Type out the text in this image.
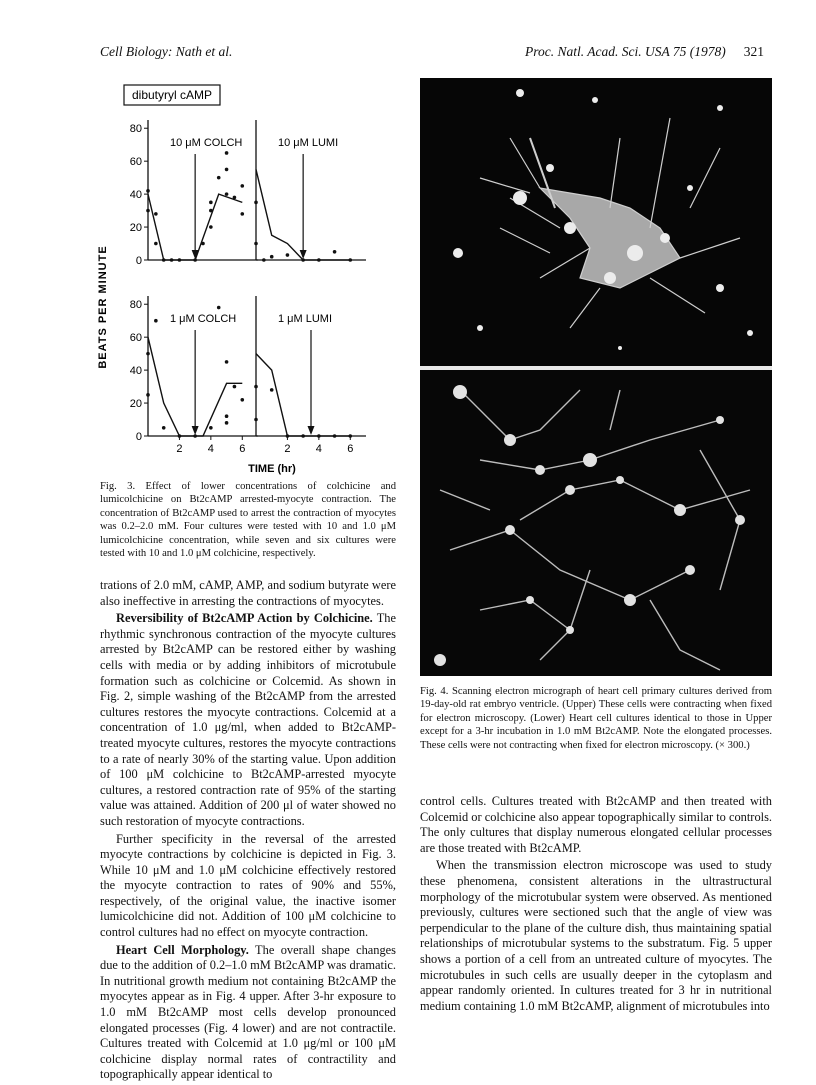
Cell Biology: Nath et al.	Proc. Natl. Acad. Sci. USA 75 (1978) 321
dibutyryl cAMP
BEATS PER MINUTE
TIME (hr)
80
60
40
20
0
10 μM COLCH	10 μM LUMI
80
60
40
20
0
2 4 6
1 μM COLCH
2 4 6
1 μM LUMI
Fig. 3. Effect of lower concentrations of colchicine and lumicolchicine on Bt2cAMP arrested-myocyte contraction. The concentration of Bt2cAMP used to arrest the contraction of myocytes was 0.2–2.0 mM. Four cultures were tested with 10 and 1.0 μM lumicolchicine concentration, while seven and six cultures were tested with 10 and 1.0 μM colchicine, respectively.

trations of 2.0 mM, cAMP, AMP, and sodium butyrate were also ineffective in arresting the contractions of myocytes.

Reversibility of Bt2cAMP Action by Colchicine. The rhythmic synchronous contraction of the myocyte cultures arrested by Bt2cAMP can be restored either by washing cells with media or by adding inhibitors of microtubule formation such as colchicine or Colcemid. As shown in Fig. 2, simple washing of the Bt2cAMP from the arrested cultures restores the myocyte contractions. Colcemid at a concentration of 1.0 μg/ml, when added to Bt2cAMP-treated myocyte cultures, restores the myocyte contractions to a rate of nearly 30% of the starting value. Upon addition of 100 μM colchicine to Bt2cAMP-arrested myocyte cultures, a restored contraction rate of 95% of the starting value was attained. Addition of 200 μl of water showed no such restoration of myocyte contractions.

Further specificity in the reversal of the arrested myocyte contractions by colchicine is depicted in Fig. 3. While 10 μM and 1.0 μM colchicine effectively restored the myocyte contraction to rates of 90% and 55%, respectively, of the original value, the inactive isomer lumicolchicine did not. Addition of 100 μM colchicine to control cultures had no effect on myocyte contraction.

Heart Cell Morphology. The overall shape changes due to the addition of 0.2–1.0 mM Bt2cAMP was dramatic. In nutritional growth medium not containing Bt2cAMP the myocytes appear as in Fig. 4 upper. After 3-hr exposure to 1.0 mM Bt2cAMP most cells develop pronounced elongated processes (Fig. 4 lower) and are not contractile. Cultures treated with Colcemid at 1.0 μg/ml or 100 μM colchicine display normal rates of contractility and topographically appear identical to

Fig. 4. Scanning electron micrograph of heart cell primary cultures derived from 19-day-old rat embryo ventricle. (Upper) These cells were contracting when fixed for electron microscopy. (Lower) Heart cell cultures identical to those in Upper except for a 3-hr incubation in 1.0 mM Bt2cAMP. Note the elongated processes. These cells were not contracting when fixed for electron microscopy. (× 300.)

control cells. Cultures treated with Bt2cAMP and then treated with Colcemid or colchicine also appear topographically similar to controls. The only cultures that display numerous elongated cellular processes are those treated with Bt2cAMP.

When the transmission electron microscope was used to study these phenomena, consistent alterations in the ultrastructural morphology of the microtubular system were observed. As mentioned previously, cultures were sectioned such that the angle of view was perpendicular to the plane of the culture dish, thus maintaining spatial relationships of microtubular systems to the substratum. Fig. 5 upper shows a portion of a cell from an untreated culture of myocytes. The microtubules in such cells are usually deeper in the cytoplasm and appear randomly oriented. In cultures treated for 3 hr in nutritional medium containing 1.0 mM Bt2cAMP, alignment of microtubules into
